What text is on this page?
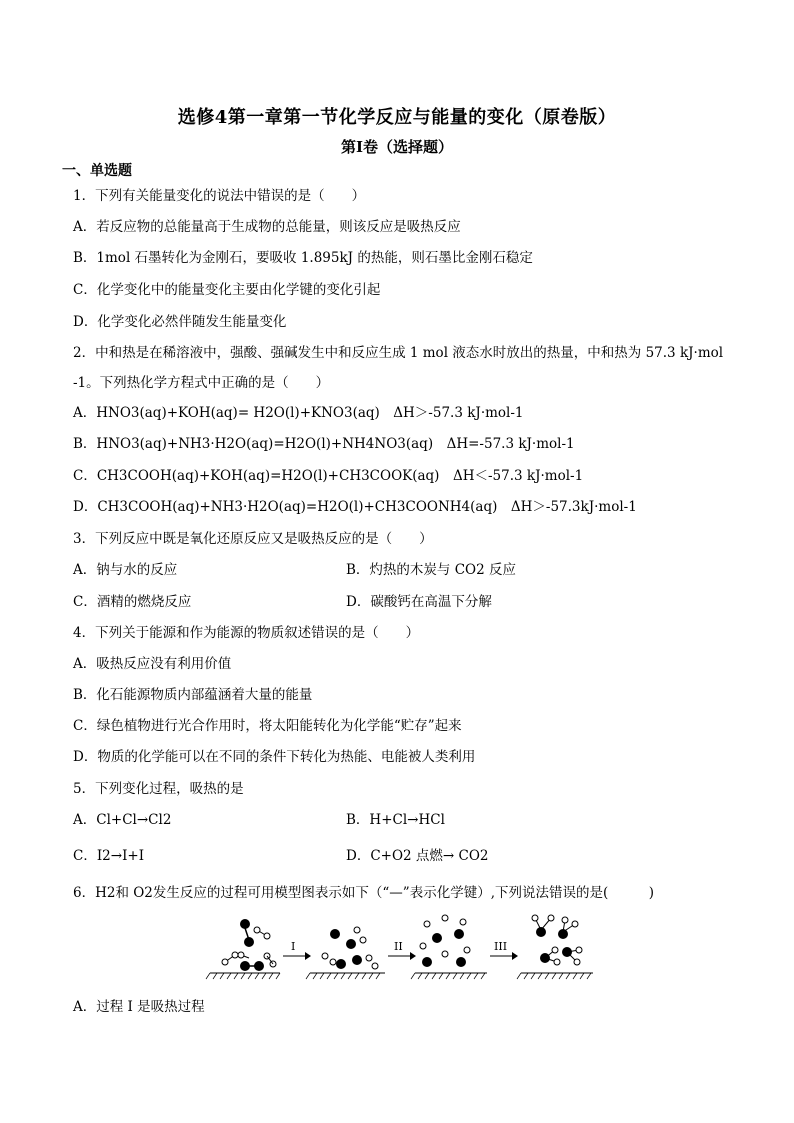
选修4第一章第一节化学反应与能量的变化（原卷版）
第I卷（选择题）
一、单选题
1．下列有关能量变化的说法中错误的是（　　）
A．若反应物的总能量高于生成物的总能量，则该反应是吸热反应
B．1mol 石墨转化为金刚石，要吸收 1.895kJ 的热能，则石墨比金刚石稳定
C．化学变化中的能量变化主要由化学键的变化引起
D．化学变化必然伴随发生能量变化
2．中和热是在稀溶液中，强酸、强碱发生中和反应生成 1 mol 液态水时放出的热量，中和热为 57.3 kJ·mol
-1。下列热化学方程式中正确的是（　　）
A．HNO3(aq)+KOH(aq)= H2O(l)+KNO3(aq)　ΔH＞-57.3 kJ·mol-1
B．HNO3(aq)+NH3·H2O(aq)=H2O(l)+NH4NO3(aq)　ΔH=-57.3 kJ·mol-1
C．CH3COOH(aq)+KOH(aq)=H2O(l)+CH3COOK(aq)　ΔH＜-57.3 kJ·mol-1
D．CH3COOH(aq)+NH3·H2O(aq)=H2O(l)+CH3COONH4(aq)　ΔH＞-57.3kJ·mol-1
3．下列反应中既是氧化还原反应又是吸热反应的是（　　）
A．钠与水的反应	B．灼热的木炭与 CO2 反应
C．酒精的燃烧反应	D．碳酸钙在高温下分解
4．下列关于能源和作为能源的物质叙述错误的是（　　）
A．吸热反应没有利用价值
B．化石能源物质内部蕴涵着大量的能量
C．绿色植物进行光合作用时，将太阳能转化为化学能“贮存”起来
D．物质的化学能可以在不同的条件下转化为热能、电能被人类利用
5．下列变化过程，吸热的是
A．Cl+Cl→Cl2	B．H+Cl→HCl
C．I2→I+I	D．C+O2 点燃→ CO2
6．H2和 O2发生反应的过程可用模型图表示如下（“—”表示化学键）,下列说法错误的是(　　　)
I	II	III
A．过程 I 是吸热过程
